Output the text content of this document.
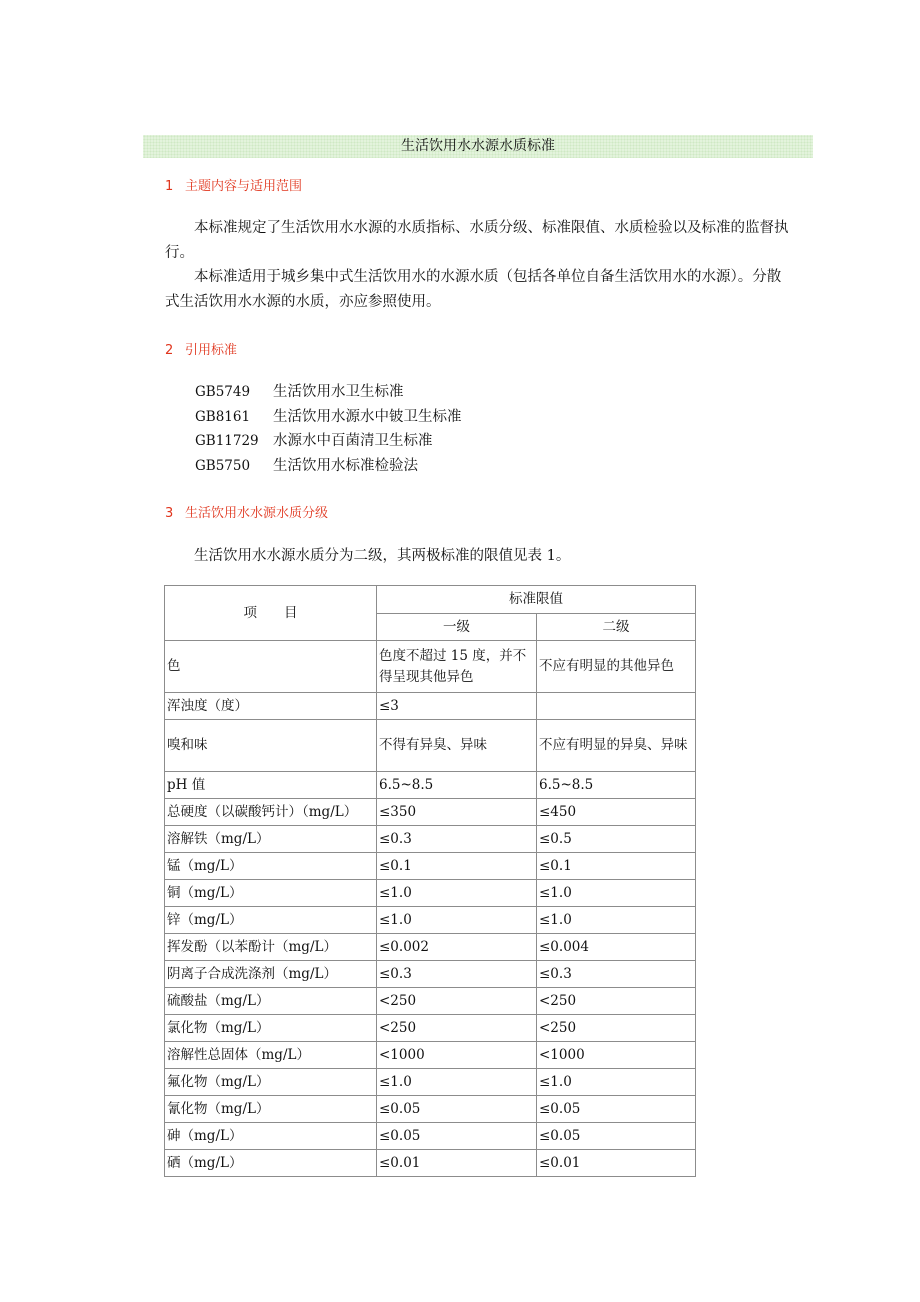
生活饮用水水源水质标准
1 主题内容与适用范围

本标准规定了生活饮用水水源的水质指标、水质分级、标准限值、水质检验以及标准的监督执行。

本标准适用于城乡集中式生活饮用水的水源水质（包括各单位自备生活饮用水的水源）。分散式生活饮用水水源的水质，亦应参照使用。

2 引用标准
GB5749 生活饮用水卫生标准
GB8161 生活饮用水源水中铍卫生标准
GB11729 水源水中百菌清卫生标准
GB5750 生活饮用水标准检验法
3 生活饮用水水源水质分级

生活饮用水水源水质分为二级，其两极标准的限值见表 1。

项　　目	标准限值	
	一级	二级
色	色度不超过 15 度，并不得呈现其他异色	不应有明显的其他异色
浑浊度（度）	≤3	
嗅和味	不得有异臭、异味	不应有明显的异臭、异味
pH 值	6.5~8.5	6.5~8.5
总硬度（以碳酸钙计）（mg/L）	≤350	≤450
溶解铁（mg/L）	≤0.3	≤0.5
锰（mg/L）	≤0.1	≤0.1
铜（mg/L）	≤1.0	≤1.0
锌（mg/L）	≤1.0	≤1.0
挥发酚（以苯酚计（mg/L）	≤0.002	≤0.004
阴离子合成洗涤剂（mg/L）	≤0.3	≤0.3
硫酸盐（mg/L）	<250	<250
氯化物（mg/L）	<250	<250
溶解性总固体（mg/L）	<1000	<1000
氟化物（mg/L）	≤1.0	≤1.0
氰化物（mg/L）	≤0.05	≤0.05
砷（mg/L）	≤0.05	≤0.05
硒（mg/L）	≤0.01	≤0.01
